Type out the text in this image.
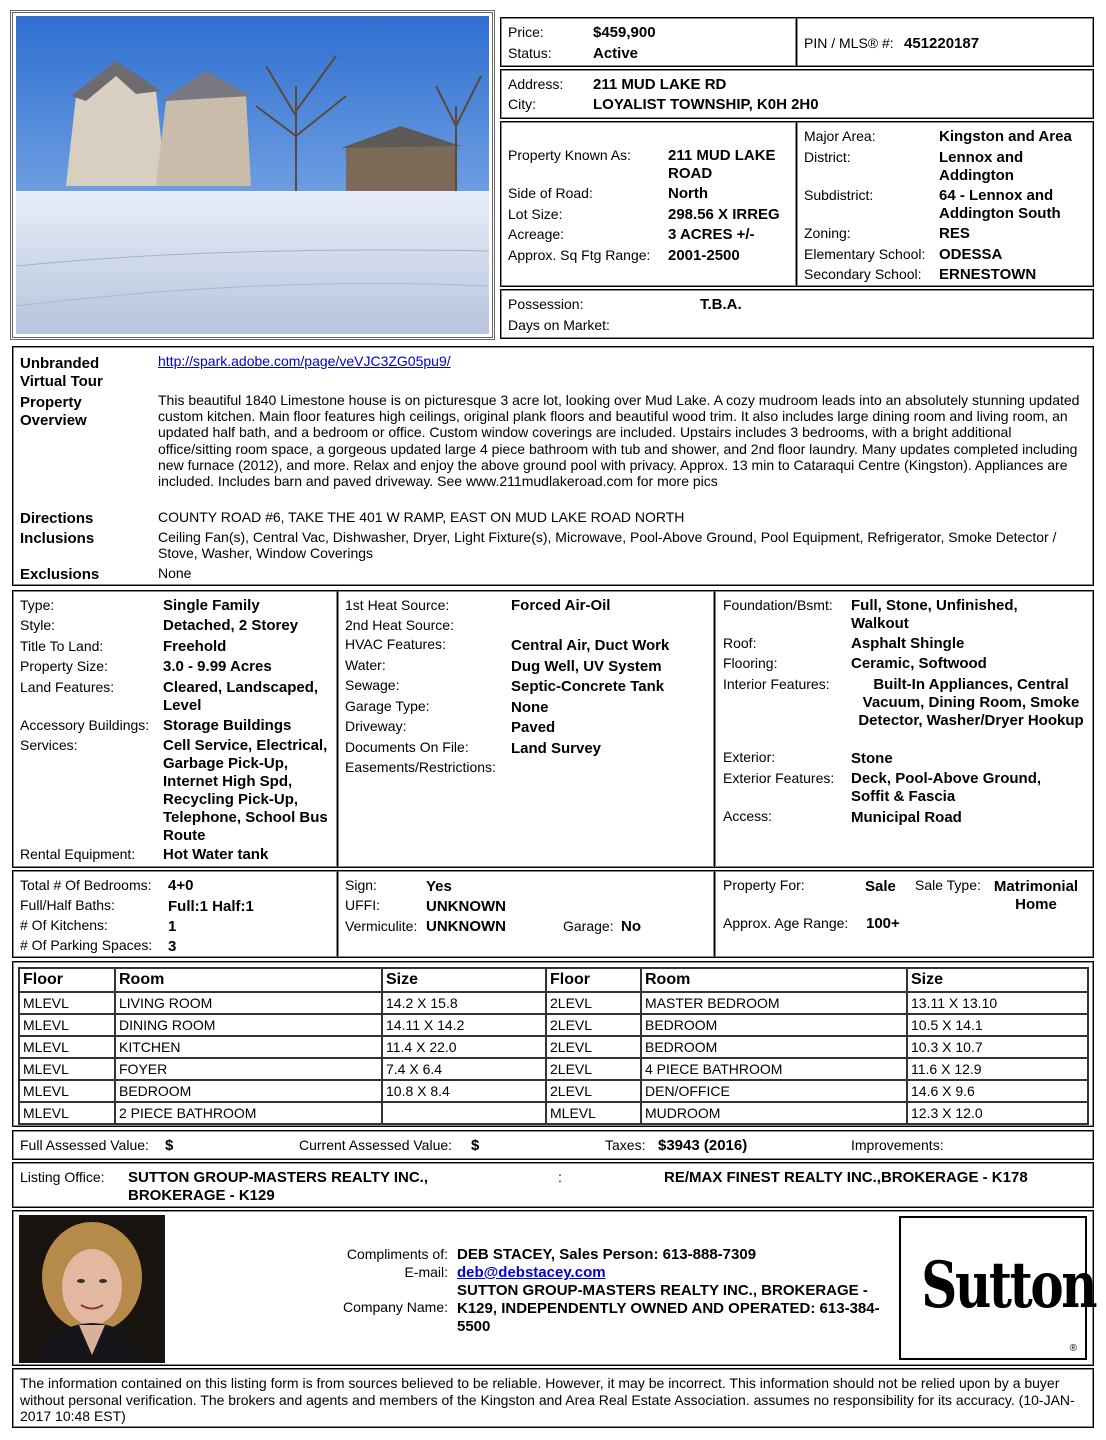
Price:	$459,900
Status:	Active
PIN / MLS® #: 451220187
Address: 211 MUD LAKE RD
City:	LOYALIST TOWNSHIP, K0H 2H0
Property Known As: 211 MUD LAKE ROAD
Side of Road:	North
Lot Size:	298.56 X IRREG
Acreage:	3 ACRES +/-
Approx. Sq Ftg Range: 2001-2500
Major Area:	Kingston and Area
District:	Lennox and Addington
Subdistrict:	64 - Lennox and Addington South
Zoning:	RES
Elementary School: ODESSA
Secondary School: ERNESTOWN
Possession:	T.B.A.
Days on Market:
Unbranded Virtual Tour
http://spark.adobe.com/page/veVJC3ZG05pu9/
Property Overview
This beautiful 1840 Limestone house is on picturesque 3 acre lot, looking over Mud Lake. A cozy mudroom leads into an absolutely stunning updated custom kitchen. Main floor features high ceilings, original plank floors and beautiful wood trim. It also includes large dining room and living room, an updated half bath, and a bedroom or office. Custom window coverings are included. Upstairs includes 3 bedrooms, with a bright additional office/sitting room space, a gorgeous updated large 4 piece bathroom with tub and shower, and 2nd floor laundry. Many updates completed including new furnace (2012), and more. Relax and enjoy the above ground pool with privacy. Approx. 13 min to Cataraqui Centre (Kingston). Appliances are included. Includes barn and paved driveway. See www.211mudlakeroad.com for more pics
Directions	COUNTY ROAD #6, TAKE THE 401 W RAMP, EAST ON MUD LAKE ROAD NORTH
Inclusions	Ceiling Fan(s), Central Vac, Dishwasher, Dryer, Light Fixture(s), Microwave, Pool-Above Ground, Pool Equipment, Refrigerator, Smoke Detector / Stove, Washer, Window Coverings
Exclusions	None
Type:	Single Family
Style:	Detached, 2 Storey
Title To Land:	Freehold
Property Size:	3.0 - 9.99 Acres
Land Features:	Cleared, Landscaped, Level
Accessory Buildings: Storage Buildings
Services:	Cell Service, Electrical, Garbage Pick-Up, Internet High Spd, Recycling Pick-Up, Telephone, School Bus Route
Rental Equipment: Hot Water tank
1st Heat Source:	Forced Air-Oil
2nd Heat Source:
HVAC Features:	Central Air, Duct Work
Water:	Dug Well, UV System
Sewage:	Septic-Concrete Tank
Garage Type:	None
Driveway:	Paved
Documents On File:	Land Survey
Easements/Restrictions:
Foundation/Bsmt: Full, Stone, Unfinished, Walkout
Roof:	Asphalt Shingle
Flooring:	Ceramic, Softwood
Interior Features:	Built-In Appliances, Central Vacuum, Dining Room, Smoke Detector, Washer/Dryer Hookup
Exterior:	Stone
Exterior Features: Deck, Pool-Above Ground, Soffit & Fascia
Access:	Municipal Road
Total # Of Bedrooms: 4+0
Full/Half Baths:	Full:1 Half:1
# Of Kitchens:	1
# Of Parking Spaces: 3
Sign:	Yes
UFFI:	UNKNOWN
Vermiculite: UNKNOWN	Garage: No
Property For:	Sale Sale Type: Matrimonial Home
Approx. Age Range: 100+
Floor	Room	Size	Floor	Room	Size
MLEVL	LIVING ROOM	14.2 X 15.8	2LEVL	MASTER BEDROOM	13.11 X 13.10
MLEVL	DINING ROOM	14.11 X 14.2	2LEVL	BEDROOM	10.5 X 14.1
MLEVL	KITCHEN	11.4 X 22.0	2LEVL	BEDROOM	10.3 X 10.7
MLEVL	FOYER	7.4 X 6.4	2LEVL	4 PIECE BATHROOM	11.6 X 12.9
MLEVL	BEDROOM	10.8 X 8.4	2LEVL	DEN/OFFICE	14.6 X 9.6
MLEVL	2 PIECE BATHROOM		MLEVL	MUDROOM	12.3 X 12.0
Full Assessed Value: $	Current Assessed Value: $	Taxes: $3943 (2016)	Improvements:
Listing Office: SUTTON GROUP-MASTERS REALTY INC., BROKERAGE - K129
:	RE/MAX FINEST REALTY INC.,BROKERAGE - K178
Compliments of: DEB STACEY, Sales Person: 613-888-7309
E-mail: deb@debstacey.com
Company Name:
SUTTON GROUP-MASTERS REALTY INC., BROKERAGE - K129, INDEPENDENTLY OWNED AND OPERATED: 613-384-5500
Sutton
®
The information contained on this listing form is from sources believed to be reliable. However, it may be incorrect. This information should not be relied upon by a buyer without personal verification. The brokers and agents and members of the Kingston and Area Real Estate Association. assumes no responsibility for its accuracy. (10-JAN-2017 10:48 EST)
